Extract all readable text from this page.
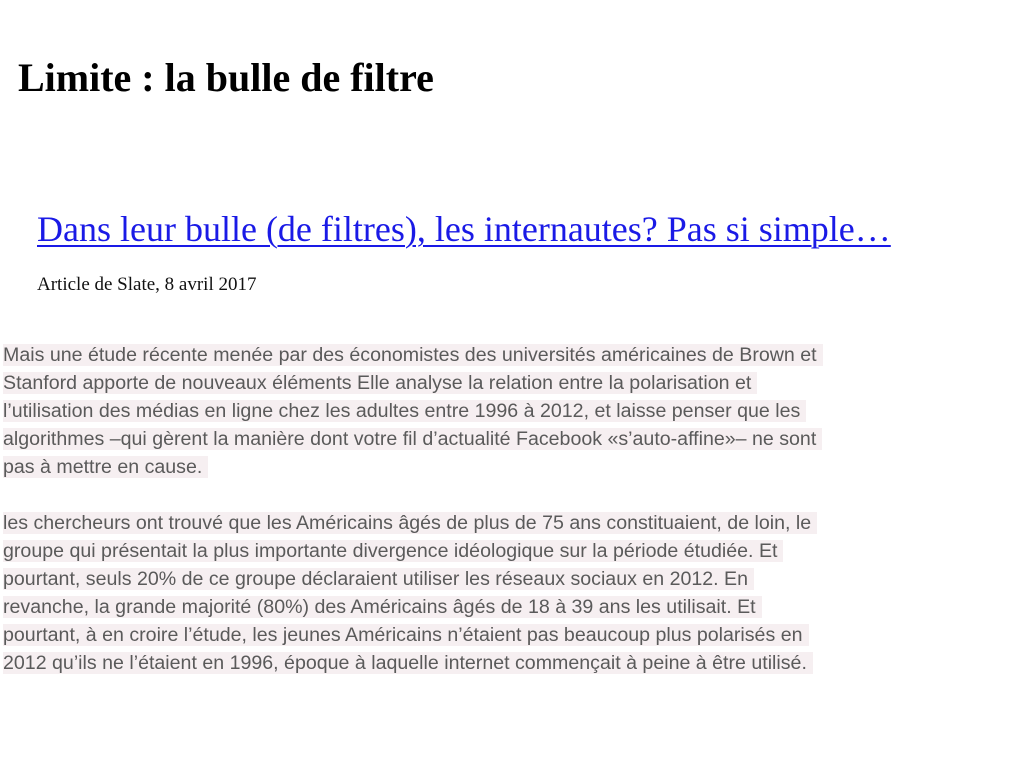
Limite : la bulle de filtre
Dans leur bulle (de filtres), les internautes? Pas si simple…

Article de Slate, 8 avril 2017

Mais une étude récente menée par des économistes des universités américaines de Brown et
Stanford apporte de nouveaux éléments Elle analyse la relation entre la polarisation et
l’utilisation des médias en ligne chez les adultes entre 1996 à 2012, et laisse penser que les
algorithmes –qui gèrent la manière dont votre fil d’actualité Facebook «s’auto-affine»– ne sont
pas à mettre en cause.
les chercheurs ont trouvé que les Américains âgés de plus de 75 ans constituaient, de loin, le
groupe qui présentait la plus importante divergence idéologique sur la période étudiée. Et
pourtant, seuls 20% de ce groupe déclaraient utiliser les réseaux sociaux en 2012. En
revanche, la grande majorité (80%) des Américains âgés de 18 à 39 ans les utilisait. Et
pourtant, à en croire l’étude, les jeunes Américains n’étaient pas beaucoup plus polarisés en
2012 qu’ils ne l’étaient en 1996, époque à laquelle internet commençait à peine à être utilisé.
